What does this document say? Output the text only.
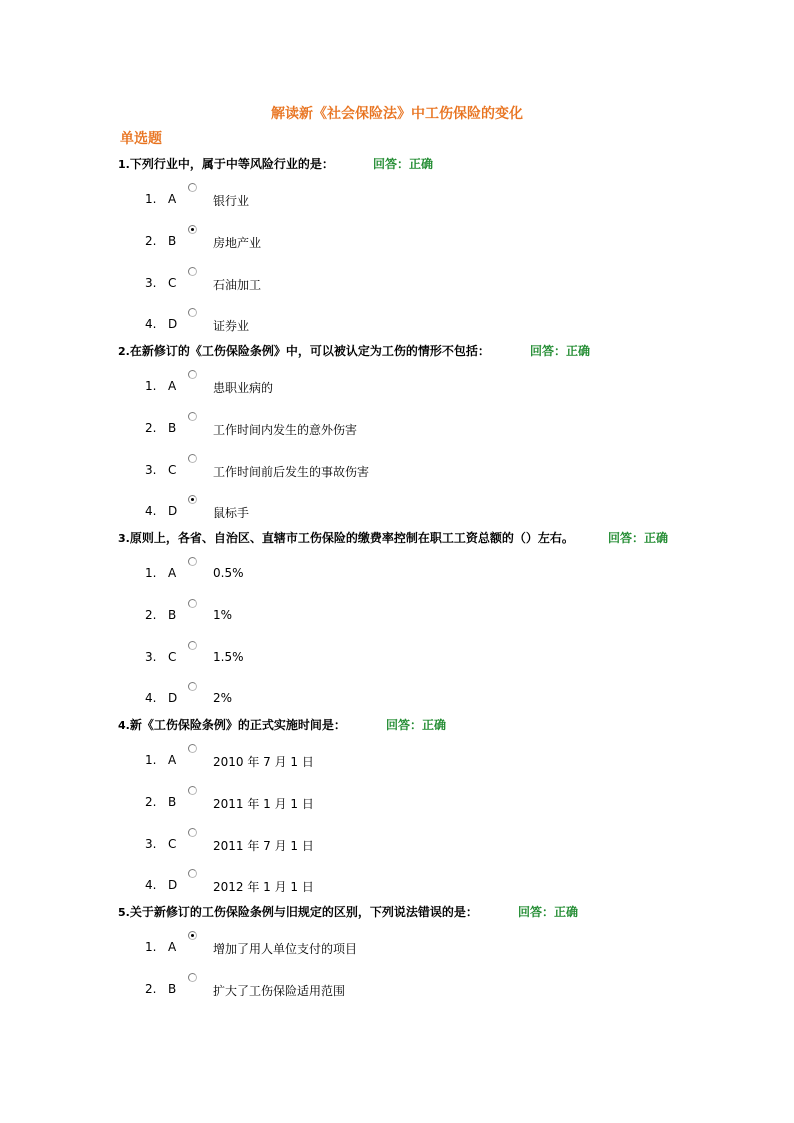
解读新《社会保险法》中工伤保险的变化
单选题
1.下列行业中，属于中等风险行业的是：	回答：正确
1. A	银行业
2. B	房地产业
3. C	石油加工
4. D	证券业
2.在新修订的《工伤保险条例》中，可以被认定为工伤的情形不包括：	回答：正确
1. A	患职业病的
2. B	工作时间内发生的意外伤害
3. C	工作时间前后发生的事故伤害
4. D	鼠标手
3.原则上，各省、自治区、直辖市工伤保险的缴费率控制在职工工资总额的（）左右。	回答：正确
1. A	0.5%
2. B	1%
3. C	1.5%
4. D	2%
4.新《工伤保险条例》的正式实施时间是：	回答：正确
1. A	2010 年 7 月 1 日
2. B	2011 年 1 月 1 日
3. C	2011 年 7 月 1 日
4. D	2012 年 1 月 1 日
5.关于新修订的工伤保险条例与旧规定的区别，下列说法错误的是：	回答：正确
1. A	增加了用人单位支付的项目
2. B	扩大了工伤保险适用范围
